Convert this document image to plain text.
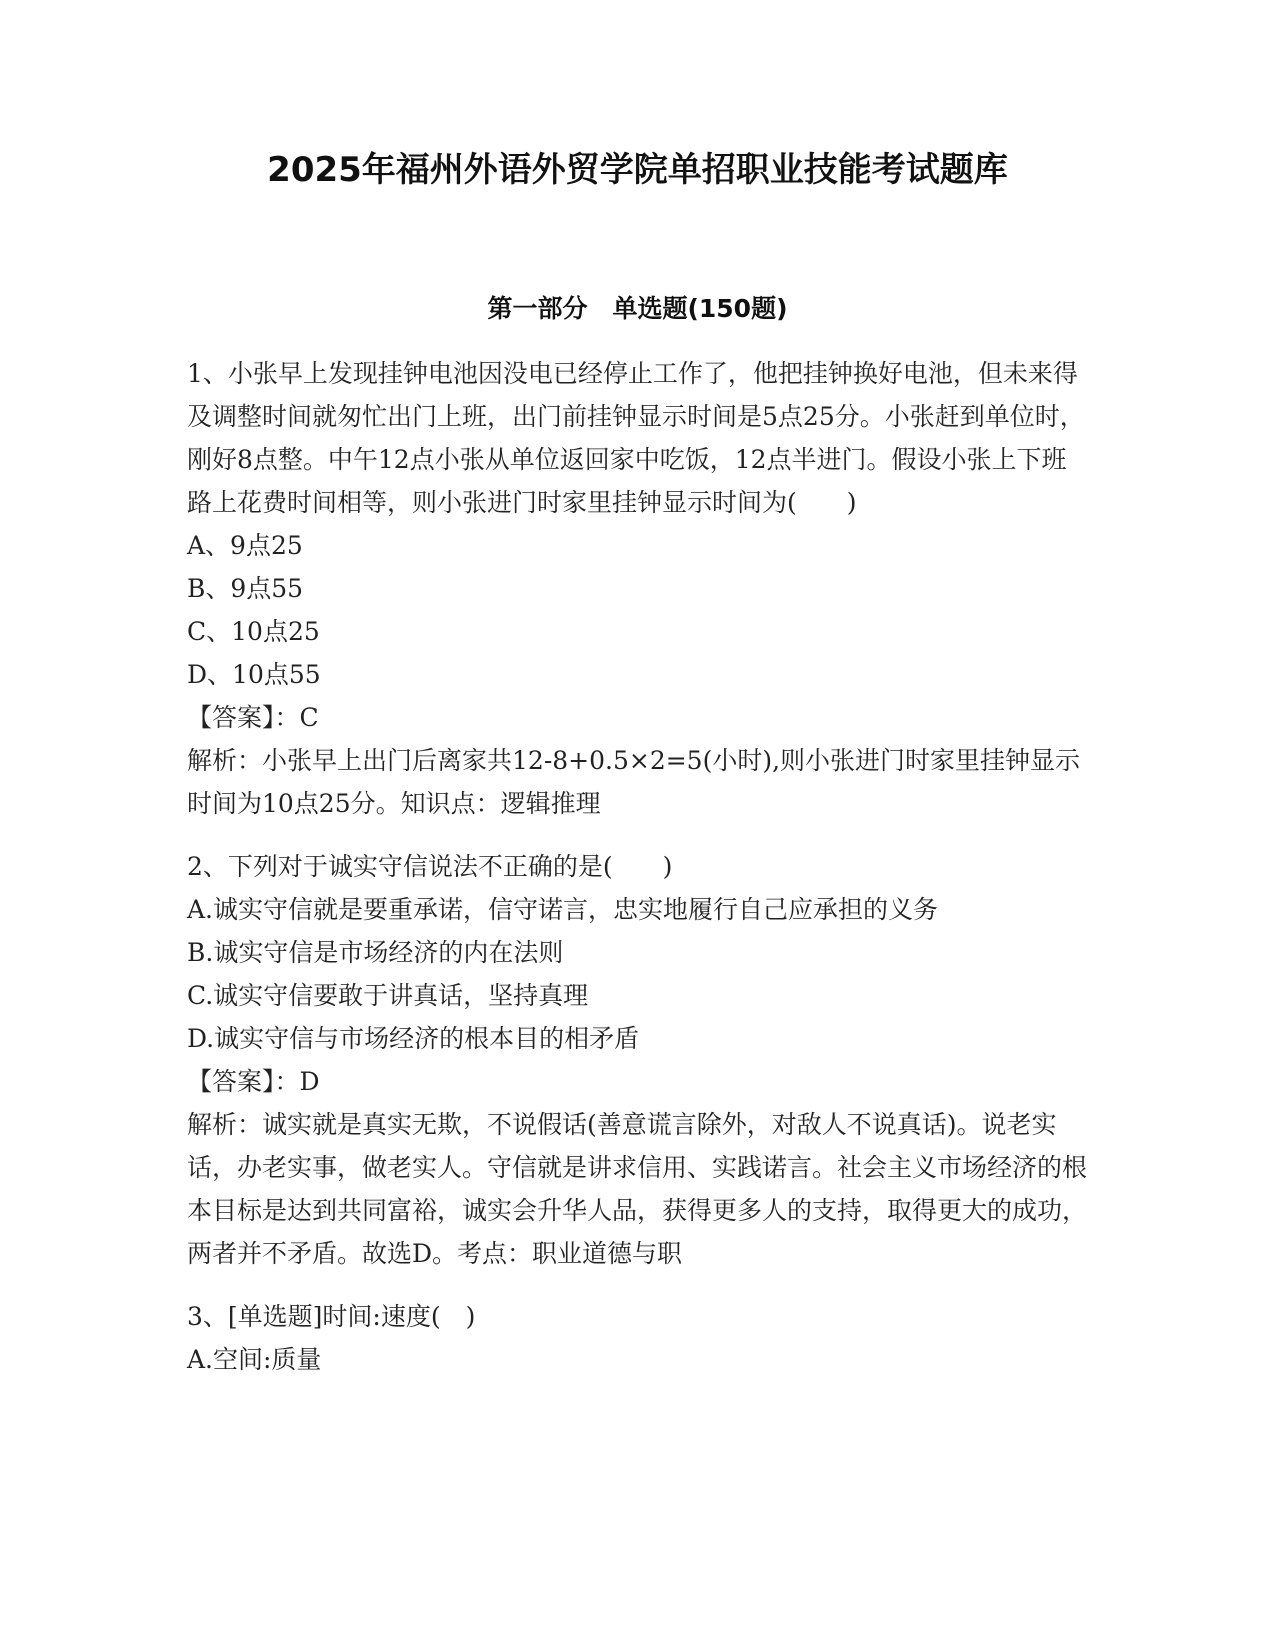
2025年福州外语外贸学院单招职业技能考试题库
第一部分　单选题(150题)

1、小张早上发现挂钟电池因没电已经停止工作了，他把挂钟换好电池，但未来得及调整时间就匆忙出门上班，出门前挂钟显示时间是5点25分。小张赶到单位时，刚好8点整。中午12点小张从单位返回家中吃饭，12点半进门。假设小张上下班路上花费时间相等，则小张进门时家里挂钟显示时间为(　　)

A、9点25

B、9点55

C、10点25

D、10点55

【答案】：C

解析：小张早上出门后离家共12-8+0.5×2=5(小时),则小张进门时家里挂钟显示时间为10点25分。知识点：逻辑推理

2、下列对于诚实守信说法不正确的是(　　)

A.诚实守信就是要重承诺，信守诺言，忠实地履行自己应承担的义务

B.诚实守信是市场经济的内在法则

C.诚实守信要敢于讲真话，坚持真理

D.诚实守信与市场经济的根本目的相矛盾

【答案】：D

解析：诚实就是真实无欺，不说假话(善意谎言除外，对敌人不说真话)。说老实话，办老实事，做老实人。守信就是讲求信用、实践诺言。社会主义市场经济的根本目标是达到共同富裕，诚实会升华人品，获得更多人的支持，取得更大的成功，两者并不矛盾。故选D。考点：职业道德与职

3、[单选题]时间:速度(　)

A.空间:质量
